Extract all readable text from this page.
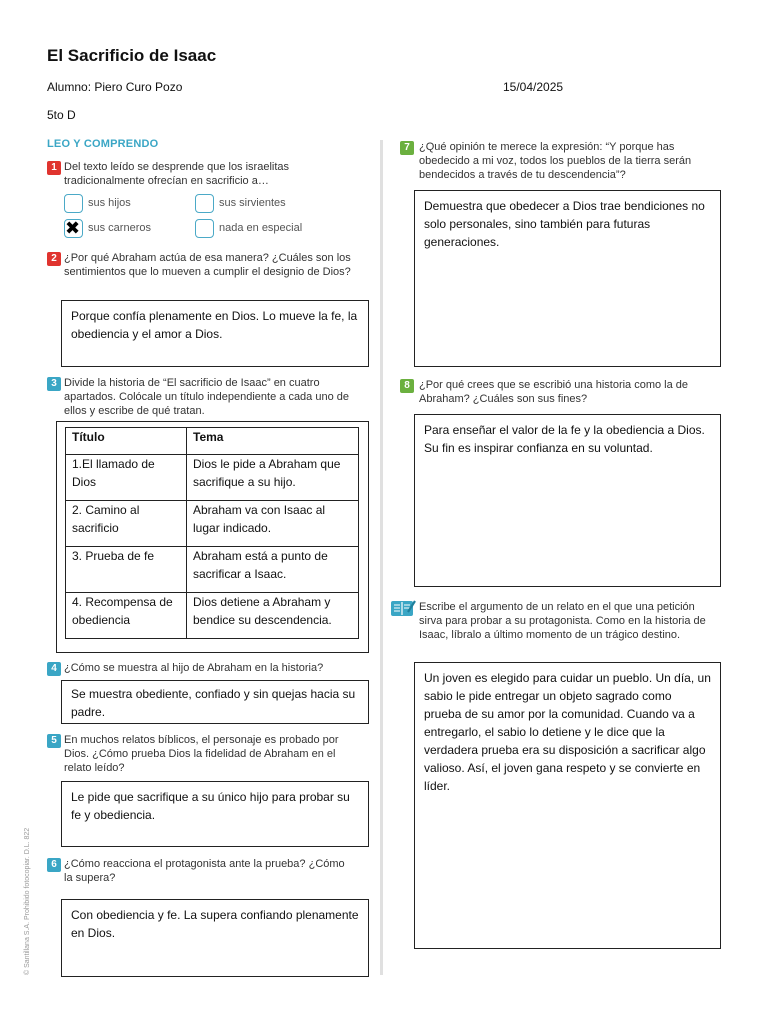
El Sacrificio de Isaac
Alumno: Piero Curo Pozo	15/04/2025
5to D
LEO Y COMPRENDO
1 Del texto leído se desprende que los israelitas tradicionalmente ofrecían en sacrificio a…
sus hijos	sus sirvientes
✖ sus carneros	nada en especial
2 ¿Por qué Abraham actúa de esa manera? ¿Cuáles son los sentimientos que lo mueven a cumplir el designio de Dios?
Porque confía plenamente en Dios. Lo mueve la fe, la obediencia y el amor a Dios.
3 Divide la historia de “El sacrificio de Isaac” en cuatro apartados. Colócale un título independiente a cada uno de ellos y escribe de qué tratan.
Título	Tema
1.El llamado de Dios	Dios le pide a Abraham que sacrifique a su hijo.
2. Camino al sacrificio	Abraham va con Isaac al lugar indicado.
3. Prueba de fe	Abraham está a punto de sacrificar a Isaac.
4. Recompensa de obediencia	Dios detiene a Abraham y bendice su descendencia.
4 ¿Cómo se muestra al hijo de Abraham en la historia?
Se muestra obediente, confiado y sin quejas hacia su padre.
5 En muchos relatos bíblicos, el personaje es probado por Dios. ¿Cómo prueba Dios la fidelidad de Abraham en el relato leído?
Le pide que sacrifique a su único hijo para probar su fe y obediencia.
6 ¿Cómo reacciona el protagonista ante la prueba? ¿Cómo la supera?
Con obediencia y fe. La supera confiando plenamente en Dios.
7 ¿Qué opinión te merece la expresión: “Y porque has obedecido a mi voz, todos los pueblos de la tierra serán bendecidos a través de tu descendencia”?
Demuestra que obedecer a Dios trae bendiciones no solo personales, sino también para futuras generaciones.
8 ¿Por qué crees que se escribió una historia como la de Abraham? ¿Cuáles son sus fines?
Para enseñar el valor de la fe y la obediencia a Dios. Su fin es inspirar confianza en su voluntad.
Escribe el argumento de un relato en el que una petición sirva para probar a su protagonista. Como en la historia de Isaac, líbralo a último momento de un trágico destino.
Un joven es elegido para cuidar un pueblo. Un día, un sabio le pide entregar un objeto sagrado como prueba de su amor por la comunidad. Cuando va a entregarlo, el sabio lo detiene y le dice que la verdadera prueba era su disposición a sacrificar algo valioso. Así, el joven gana respeto y se convierte en líder.
© Santillana S.A. Prohibido fotocopiar. D.L. 822
